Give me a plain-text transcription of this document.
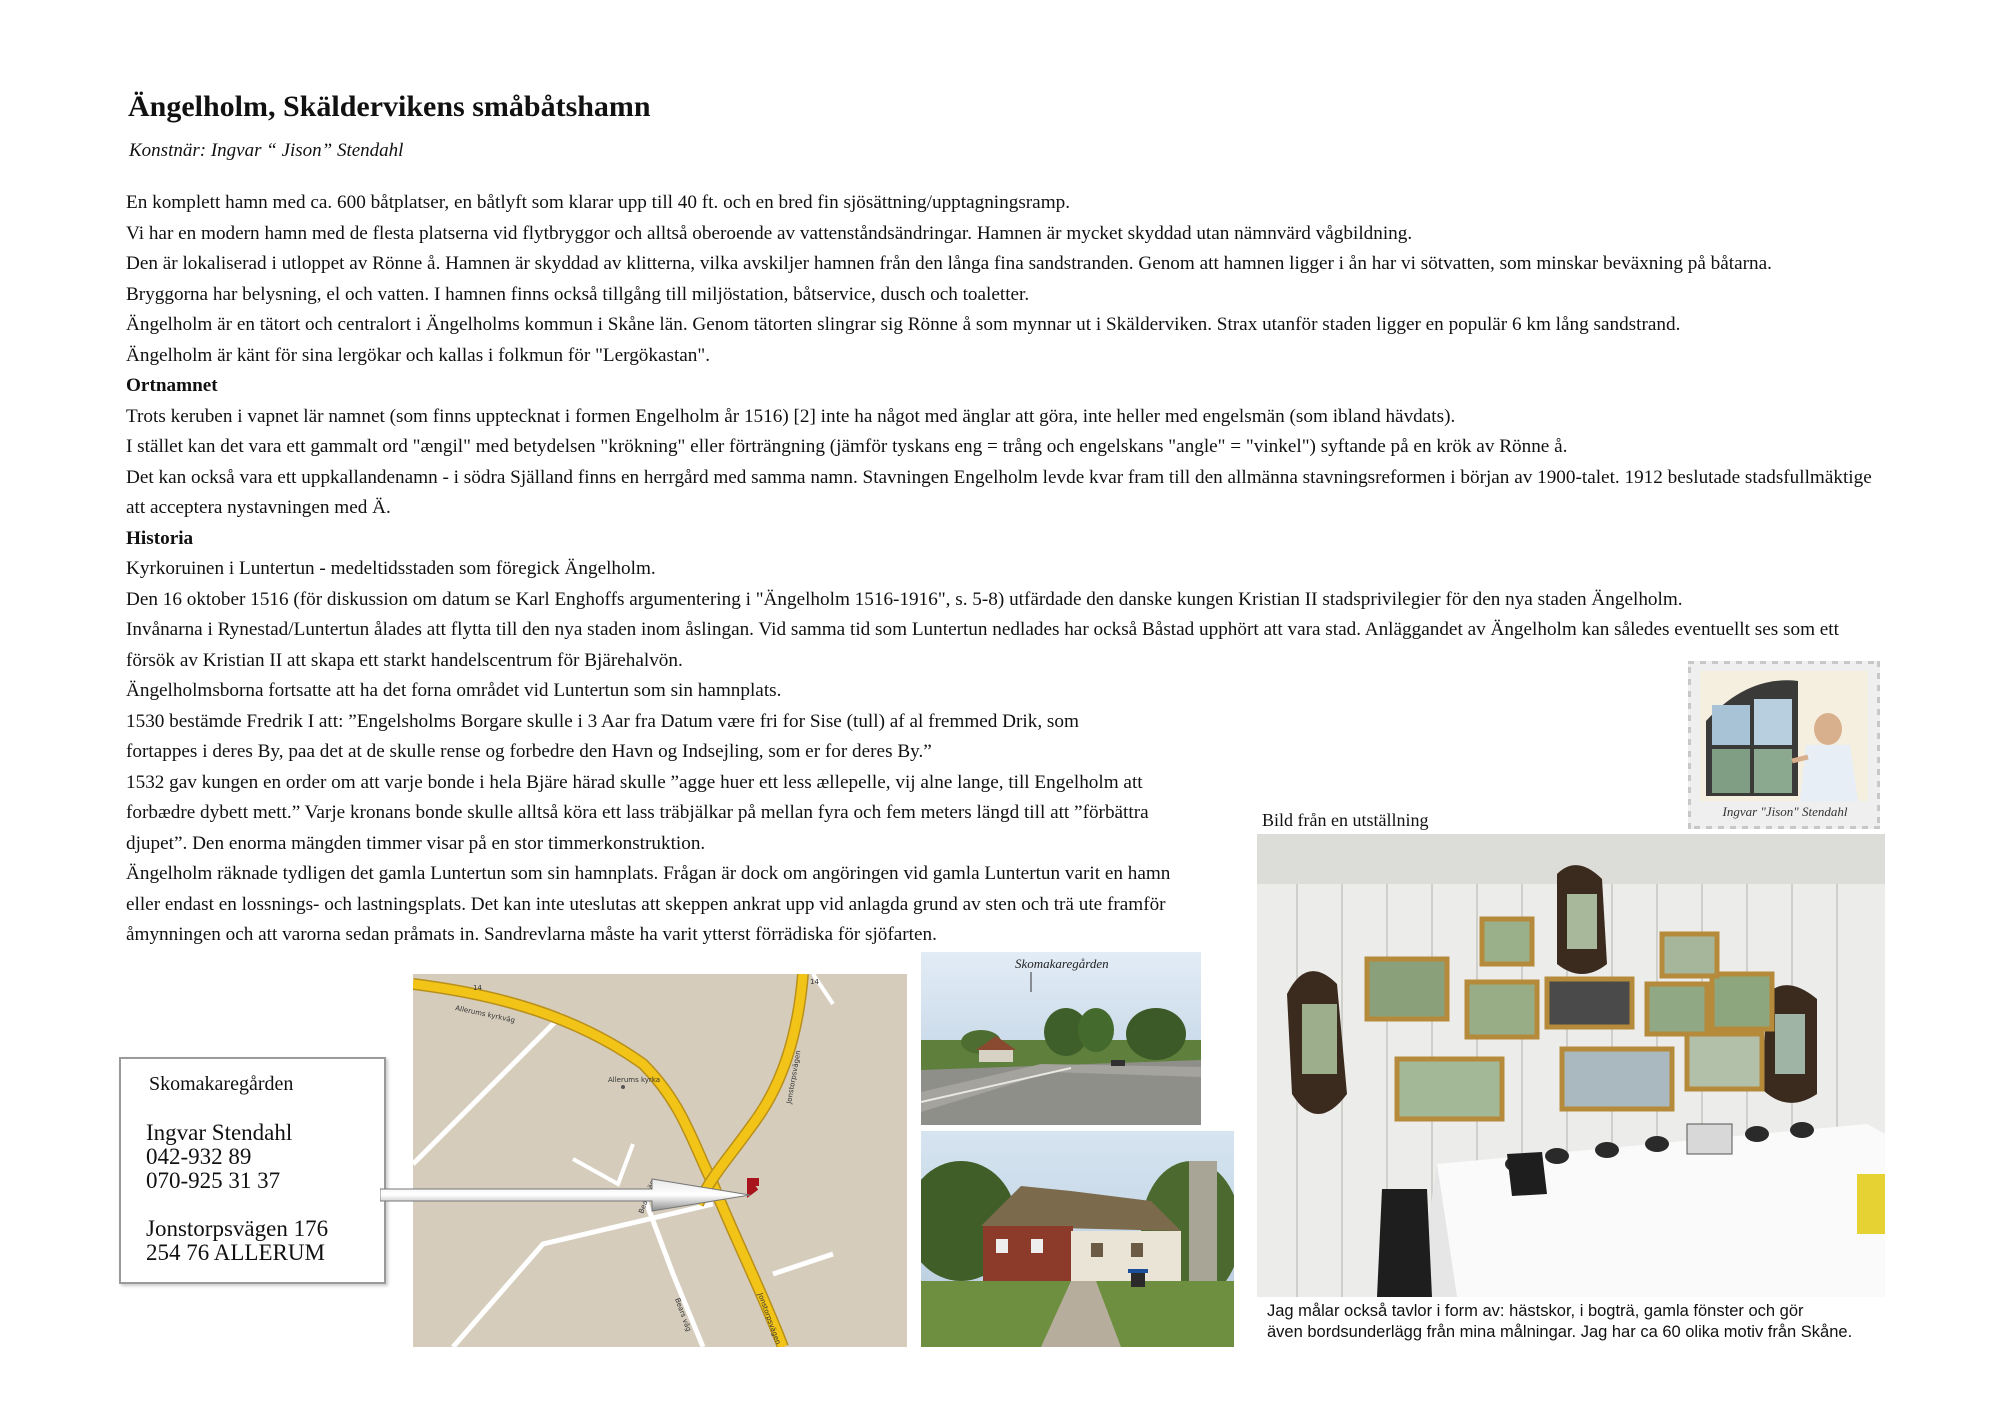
Ängelholm, Skäldervikens småbåtshamn
Konstnär: Ingvar “ Jison” Stendahl

En komplett hamn med ca. 600 båtplatser, en båtlyft som klarar upp till 40 ft. och en bred fin sjösättning/upptagningsramp.

Vi har en modern hamn med de flesta platserna vid flytbryggor och alltså oberoende av vattenståndsändringar. Hamnen är mycket skyddad utan nämnvärd vågbildning.

Den är lokaliserad i utloppet av Rönne å. Hamnen är skyddad av klitterna, vilka avskiljer hamnen från den långa fina sandstranden. Genom att hamnen ligger i ån har vi sötvatten, som minskar beväxning på båtarna.

Bryggorna har belysning, el och vatten. I hamnen finns också tillgång till miljöstation, båtservice, dusch och toaletter.

Ängelholm är en tätort och centralort i Ängelholms kommun i Skåne län. Genom tätorten slingrar sig Rönne å som mynnar ut i Skälderviken. Strax utanför staden ligger en populär 6 km lång sandstrand.

Ängelholm är känt för sina lergökar och kallas i folkmun för "Lergökastan".

Ortnamnet

Trots keruben i vapnet lär namnet (som finns upptecknat i formen Engelholm år 1516) [2] inte ha något med änglar att göra, inte heller med engelsmän (som ibland hävdats).

I stället kan det vara ett gammalt ord "ængil" med betydelsen "krökning" eller förträngning (jämför tyskans eng = trång och engelskans "angle" = "vinkel") syftande på en krök av Rönne å.

Det kan också vara ett uppkallandenamn - i södra Själland finns en herrgård med samma namn. Stavningen Engelholm levde kvar fram till den allmänna stavningsreformen i början av 1900-talet. 1912 beslutade stadsfullmäktige att acceptera nystavningen med Ä.

Historia

Kyrkoruinen i Luntertun - medeltidsstaden som föregick Ängelholm.

Den 16 oktober 1516 (för diskussion om datum se Karl Enghoffs argumentering i "Ängelholm 1516-1916", s. 5-8) utfärdade den danske kungen Kristian II stadsprivilegier för den nya staden Ängelholm.

Invånarna i Rynestad/Luntertun ålades att flytta till den nya staden inom åslingan. Vid samma tid som Luntertun nedlades har också Båstad upphört att vara stad. Anläggandet av Ängelholm kan således eventuellt ses som ett försök av Kristian II att skapa ett starkt handelscentrum för Bjärehalvön.

Ängelholmsborna fortsatte att ha det forna området vid Luntertun som sin hamnplats.

1530 bestämde Fredrik I att: ”Engelsholms Borgare skulle i 3 Aar fra Datum være fri for Sise (tull) af al fremmed Drik, som fortappes i deres By, paa det at de skulle rense og forbedre den Havn og Indsejling, som er for deres By.”

1532 gav kungen en order om att varje bonde i hela Bjäre härad skulle ”agge huer ett less ællepelle, vij alne lange, till Engelholm att forbædre dybett mett.” Varje kronans bonde skulle alltså köra ett lass träbjälkar på mellan fyra och fem meters längd till att ”förbättra djupet”. Den enorma mängden timmer visar på en stor timmerkonstruktion.

Ängelholm räknade tydligen det gamla Luntertun som sin hamnplats. Frågan är dock om angöringen vid gamla Luntertun varit en hamn eller endast en lossnings- och lastningsplats. Det kan inte uteslutas att skeppen ankrat upp vid anlagda grund av sten och trä ute framför åmynningen och att varorna sedan pråmats in. Sandrevlarna måste ha varit ytterst förrädiska för sjöfarten.

Skomakaregården
Ingvar Stendahl
042-932 89
070-925 31 37
Jonstorpsvägen 176
254 76 ALLERUM
Allerums kyrkväg
Jonstorpsvägen
Jonstorpsvägen
Allerums kyrka
Bears väg
14
14
Skomakaregården
Ingvar "Jison" Stendahl
Bild från en utställning
Jag målar också tavlor i form av: hästskor, i bogträ, gamla fönster och gör
även bordsunderlägg från mina målningar. Jag har ca 60 olika motiv från Skåne.
